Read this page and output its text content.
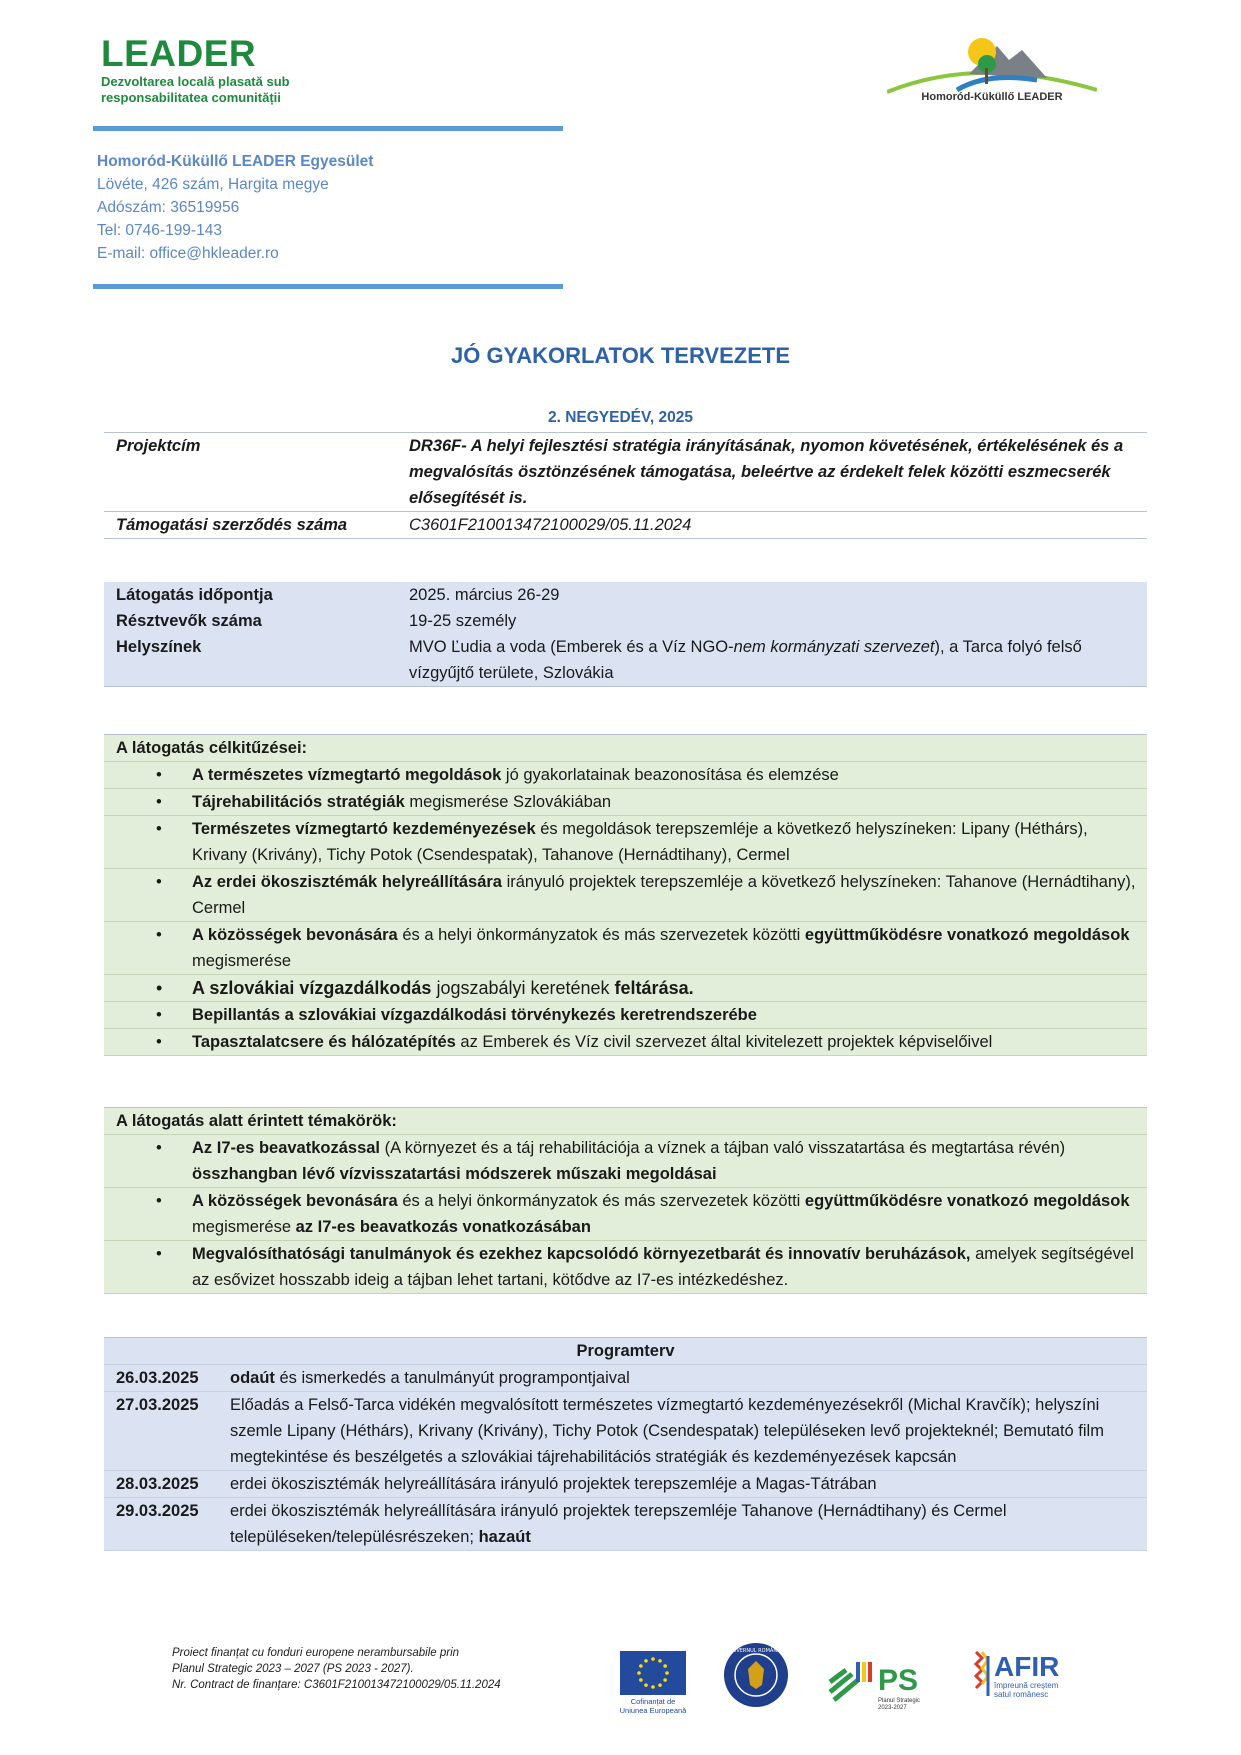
LEADER
Dezvoltarea locală plasată sub
responsabilitatea comunității	Homoród-Küküllő LEADER
Homoród-Küküllő LEADER Egyesület
Lövéte, 426 szám, Hargita megye
Adószám: 36519956
Tel: 0746-199-143
E-mail: office@hkleader.ro
JÓ GYAKORLATOK TERVEZETE
2. NEGYEDÉV, 2025
Projektcím	DR36F- A helyi fejlesztési stratégia irányításának, nyomon követésének, értékelésének és a megvalósítás ösztönzésének támogatása, beleértve az érdekelt felek közötti eszmecserék elősegítését is.
Támogatási szerződés száma	C3601F210013472100029/05.11.2024
Látogatás időpontja	2025. március 26-29
Résztvevők száma	19-25 személy
Helyszínek	MVO Ľudia a voda (Emberek és a Víz NGO-nem kormányzati szervezet), a Tarca folyó felső vízgyűjtő területe, Szlovákia
A látogatás célkitűzései:

• A természetes vízmegtartó megoldások jó gyakorlatainak beazonosítása és elemzése

• Tájrehabilitációs stratégiák megismerése Szlovákiában

• Természetes vízmegtartó kezdeményezések és megoldások terepszemléje a következő helyszíneken: Lipany (Héthárs), Krivany (Krivány), Tichy Potok (Csendespatak), Tahanove (Hernádtihany), Cermel

• Az erdei ökoszisztémák helyreállítására irányuló projektek terepszemléje a következő helyszíneken: Tahanove (Hernádtihany), Cermel

• A közösségek bevonására és a helyi önkormányzatok és más szervezetek közötti együttműködésre vonatkozó megoldások megismerése

• A szlovákiai vízgazdálkodás jogszabályi keretének feltárása.

• Bepillantás a szlovákiai vízgazdálkodási törvénykezés keretrendszerébe

• Tapasztalatcsere és hálózatépítés az Emberek és Víz civil szervezet által kivitelezett projektek képviselőivel
A látogatás alatt érintett témakörök:

• Az I7-es beavatkozással (A környezet és a táj rehabilitációja a víznek a tájban való visszatartása és megtartása révén) összhangban lévő vízvisszatartási módszerek műszaki megoldásai

• A közösségek bevonására és a helyi önkormányzatok és más szervezetek közötti együttműködésre vonatkozó megoldások megismerése az I7-es beavatkozás vonatkozásában

• Megvalósíthatósági tanulmányok és ezekhez kapcsolódó környezetbarát és innovatív beruházások, amelyek segítségével az esővizet hosszabb ideig a tájban lehet tartani, kötődve az I7-es intézkedéshez.
Programterv	
26.03.2025	odaút és ismerkedés a tanulmányút programpontjaival
27.03.2025	Előadás a Felső-Tarca vidékén megvalósított természetes vízmegtartó kezdeményezésekről (Michal Kravčík); helyszíni szemle Lipany (Héthárs), Krivany (Krivány), Tichy Potok (Csendespatak) településeken levő projekteknél; Bemutató film megtekintése és beszélgetés a szlovákiai tájrehabilitációs stratégiák és kezdeményezések kapcsán
28.03.2025	erdei ökoszisztémák helyreállítására irányuló projektek terepszemléje a Magas-Tátrában
29.03.2025	erdei ökoszisztémák helyreállítására irányuló projektek terepszemléje Tahanove (Hernádtihany) és Cermel településeken/településrészeken; hazaút
Proiect finanțat cu fonduri europene nerambursabile prin
Planul Strategic 2023 – 2027 (PS 2023 - 2027).
Nr. Contract de finanțare: C3601F210013472100029/05.11.2024
Cofinanțat de
Uniunea Europeană
GUVERNUL ROMÂNIEI
PS
Planul Strategic
2023-2027
AFIR
împreună creștem
satul românesc
